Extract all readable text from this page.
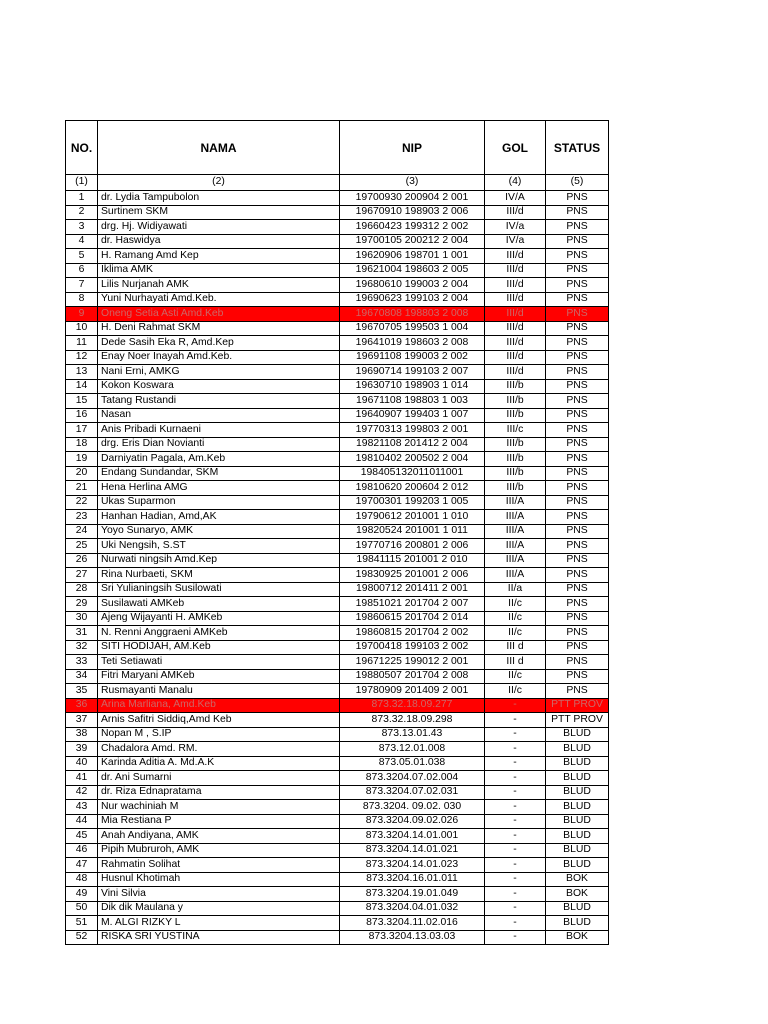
NO.	NAMA	NIP	GOL	STATUS
(1)	(2)	(3)	(4)	(5)
1	dr. Lydia Tampubolon	19700930 200904 2 001	IV/A	PNS
2	Surtinem SKM	19670910 198903 2 006	III/d	PNS
3	drg. Hj. Widiyawati	19660423 199312 2 002	IV/a	PNS
4	dr. Haswidya	19700105 200212 2 004	IV/a	PNS
5	H. Ramang Amd Kep	19620906 198701 1 001	III/d	PNS
6	Iklima AMK	19621004 198603 2 005	III/d	PNS
7	Lilis Nurjanah AMK	19680610 199003 2 004	III/d	PNS
8	Yuni Nurhayati Amd.Keb.	19690623 199103 2 004	III/d	PNS
9	Oneng Setia Asti Amd.Keb	19670808 198803 2 008	III/d	PNS
10	H. Deni Rahmat SKM	19670705 199503 1 004	III/d	PNS
11	Dede Sasih Eka R, Amd.Kep	19641019 198603 2 008	III/d	PNS
12	Enay Noer Inayah Amd.Keb.	19691108 199003 2 002	III/d	PNS
13	Nani Erni, AMKG	19690714 199103 2 007	III/d	PNS
14	Kokon Koswara	19630710 198903 1 014	III/b	PNS
15	Tatang Rustandi	19671108 198803 1 003	III/b	PNS
16	Nasan	19640907 199403 1 007	III/b	PNS
17	Anis Pribadi Kurnaeni	19770313 199803 2 001	III/c	PNS
18	drg. Eris Dian Novianti	19821108 201412 2 004	III/b	PNS
19	Darniyatin Pagala, Am.Keb	19810402 200502 2 004	III/b	PNS
20	Endang Sundandar, SKM	198405132011011001	III/b	PNS
21	Hena Herlina AMG	19810620 200604 2 012	III/b	PNS
22	Ukas Suparmon	19700301 199203 1 005	III/A	PNS
23	Hanhan Hadian, Amd,AK	19790612 201001 1 010	III/A	PNS
24	Yoyo Sunaryo, AMK	19820524 201001 1 011	III/A	PNS
25	Uki Nengsih, S.ST	19770716 200801 2 006	III/A	PNS
26	Nurwati ningsih Amd.Kep	19841115 201001 2 010	III/A	PNS
27	Rina Nurbaeti, SKM	19830925 201001 2 006	III/A	PNS
28	Sri Yulianingsih Susilowati	19800712 201411 2 001	II/a	PNS
29	Susilawati AMKeb	19851021 201704 2 007	II/c	PNS
30	Ajeng Wijayanti H. AMKeb	19860615 201704 2 014	II/c	PNS
31	N. Renni Anggraeni AMKeb	19860815 201704 2 002	II/c	PNS
32	SITI HODIJAH, AM.Keb	19700418 199103 2 002	III d	PNS
33	Teti Setiawati	19671225 199012 2 001	III d	PNS
34	Fitri Maryani AMKeb	19880507 201704 2 008	II/c	PNS
35	Rusmayanti Manalu	19780909 201409 2 001	II/c	PNS
36	Arina Marliana, Amd.Keb	873.32.18.09.277	-	PTT PROV
37	Arnis Safitri Siddiq,Amd Keb	873.32.18.09.298	-	PTT PROV
38	Nopan M , S.IP	873.13.01.43	-	BLUD
39	Chadalora Amd. RM.	873.12.01.008	-	BLUD
40	Karinda Aditia A. Md.A.K	873.05.01.038	-	BLUD
41	dr. Ani Sumarni	873.3204.07.02.004	-	BLUD
42	dr. Riza Ednapratama	873.3204.07.02.031	-	BLUD
43	Nur wachiniah M	873.3204. 09.02. 030	-	BLUD
44	Mia Restiana P	873.3204.09.02.026	-	BLUD
45	Anah Andiyana, AMK	873.3204.14.01.001	-	BLUD
46	Pipih Mubruroh, AMK	873.3204.14.01.021	-	BLUD
47	Rahmatin Solihat	873.3204.14.01.023	-	BLUD
48	Husnul Khotimah	873.3204.16.01.011	-	BOK
49	Vini Silvia	873.3204.19.01.049	-	BOK
50	Dik dik Maulana y	873.3204.04.01.032	-	BLUD
51	M. ALGI RIZKY L	873.3204.11.02.016	-	BLUD
52	RISKA SRI YUSTINA	873.3204.13.03.03	-	BOK
